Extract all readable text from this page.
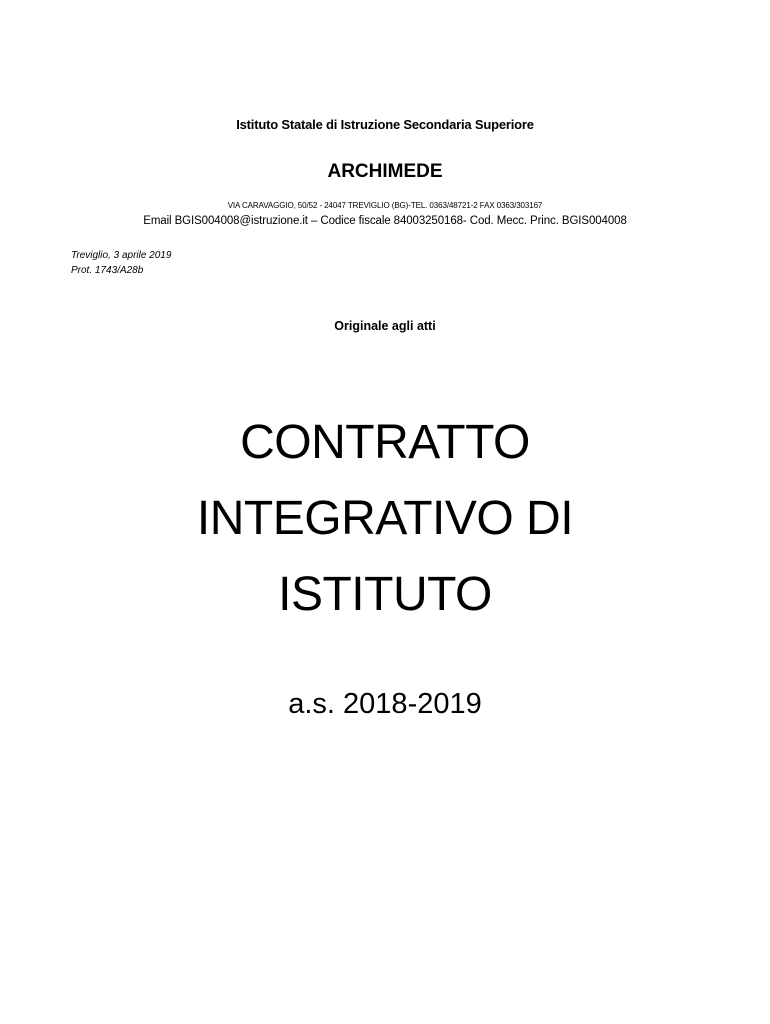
Istituto Statale di Istruzione Secondaria Superiore
ARCHIMEDE
VIA CARAVAGGIO, 50/52 - 24047 TREVIGLIO (BG)-TEL. 0363/48721-2 FAX 0363/303167
Email BGIS004008@istruzione.it – Codice fiscale 84003250168- Cod. Mecc. Princ. BGIS004008
Treviglio, 3 aprile 2019
Prot. 1743/A28b
Originale agli atti
CONTRATTO
INTEGRATIVO DI
ISTITUTO
a.s. 2018-2019
